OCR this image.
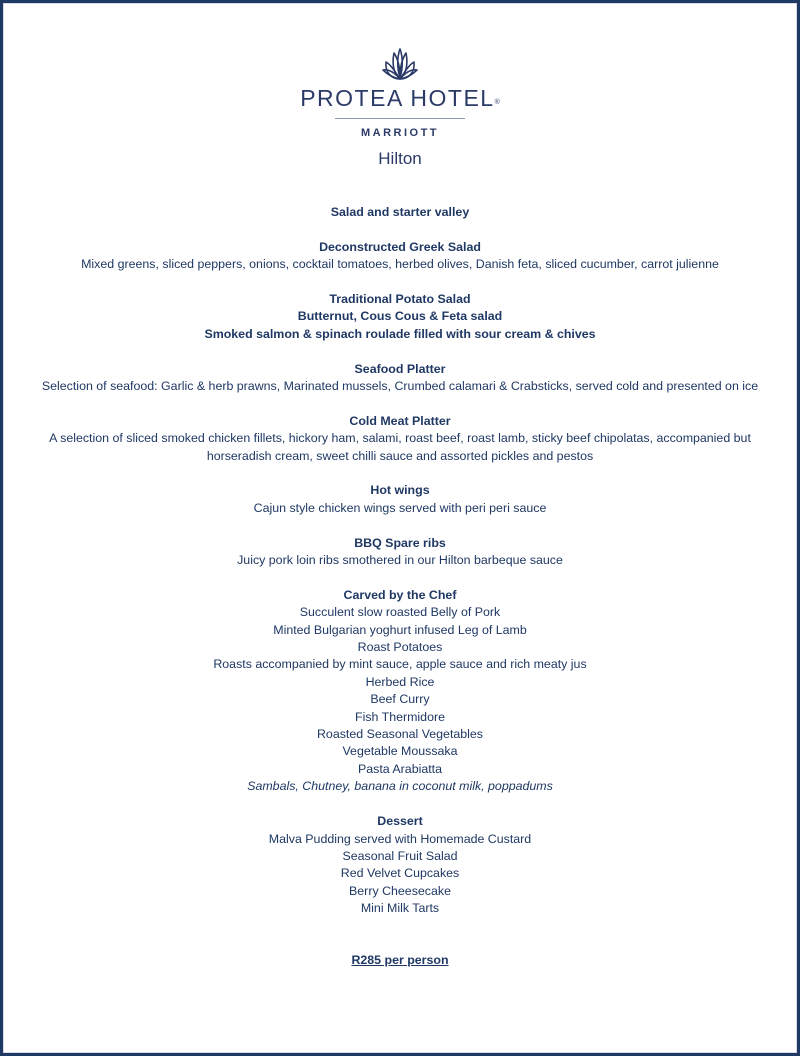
PROTEA HOTEL®
MARRIOTT
Hilton
Salad and starter valley
Deconstructed Greek Salad
Mixed greens, sliced peppers, onions, cocktail tomatoes, herbed olives, Danish feta, sliced cucumber, carrot julienne
Traditional Potato Salad
Butternut, Cous Cous & Feta salad
Smoked salmon & spinach roulade filled with sour cream & chives
Seafood Platter
Selection of seafood: Garlic & herb prawns, Marinated mussels, Crumbed calamari & Crabsticks, served cold and presented on ice
Cold Meat Platter
A selection of sliced smoked chicken fillets, hickory ham, salami, roast beef, roast lamb, sticky beef chipolatas, accompanied but horseradish cream, sweet chilli sauce and assorted pickles and pestos
Hot wings
Cajun style chicken wings served with peri peri sauce
BBQ Spare ribs
Juicy pork loin ribs smothered in our Hilton barbeque sauce
Carved by the Chef
Succulent slow roasted Belly of Pork
Minted Bulgarian yoghurt infused Leg of Lamb
Roast Potatoes
Roasts accompanied by mint sauce, apple sauce and rich meaty jus
Herbed Rice
Beef Curry
Fish Thermidore
Roasted Seasonal Vegetables
Vegetable Moussaka
Pasta Arabiatta
Sambals, Chutney, banana in coconut milk, poppadums
Dessert
Malva Pudding served with Homemade Custard
Seasonal Fruit Salad
Red Velvet Cupcakes
Berry Cheesecake
Mini Milk Tarts
R285 per person
